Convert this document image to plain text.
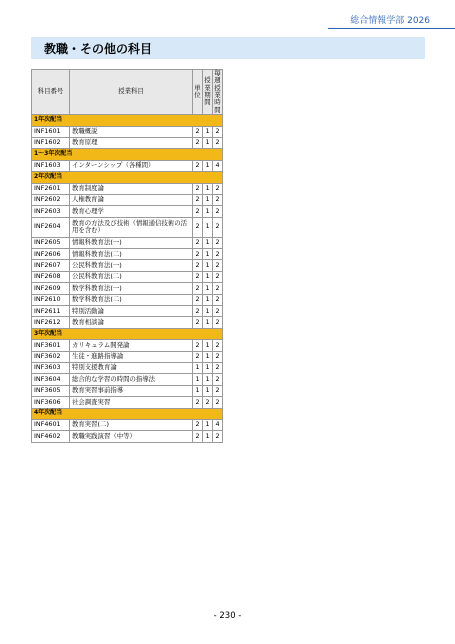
総合情報学部 2026
教職・その他の科目
科目番号	授業科目	単位	授業期間	毎週授業時間
1年次配当				
INF1601	教職概説	2	1	2
INF1602	教育原理	2	1	2
1～3年次配当				
INF1603	インターンシップ（各種間）	2	1	4
2年次配当				
INF2601	教育制度論	2	1	2
INF2602	人権教育論	2	1	2
INF2603	教育心理学	2	1	2
INF2604	教育の方法及び技術（情報通信技術の活用を含む）	2	1	2
INF2605	情報科教育法(一)	2	1	2
INF2606	情報科教育法(二)	2	1	2
INF2607	公民科教育法(一)	2	1	2
INF2608	公民科教育法(二)	2	1	2
INF2609	数学科教育法(一)	2	1	2
INF2610	数学科教育法(二)	2	1	2
INF2611	特別活動論	2	1	2
INF2612	教育相談論	2	1	2
3年次配当				
INF3601	カリキュラム開発論	2	1	2
INF3602	生徒・進路指導論	2	1	2
INF3603	特別支援教育論	1	1	2
INF3604	総合的な学習の時間の指導法	1	1	2
INF3605	教育実習事前指導	1	1	2
INF3606	社会調査実習	2	2	2
4年次配当				
INF4601	教育実習(二)	2	1	4
INF4602	教職実践演習（中等）	2	1	2
- 230 -
